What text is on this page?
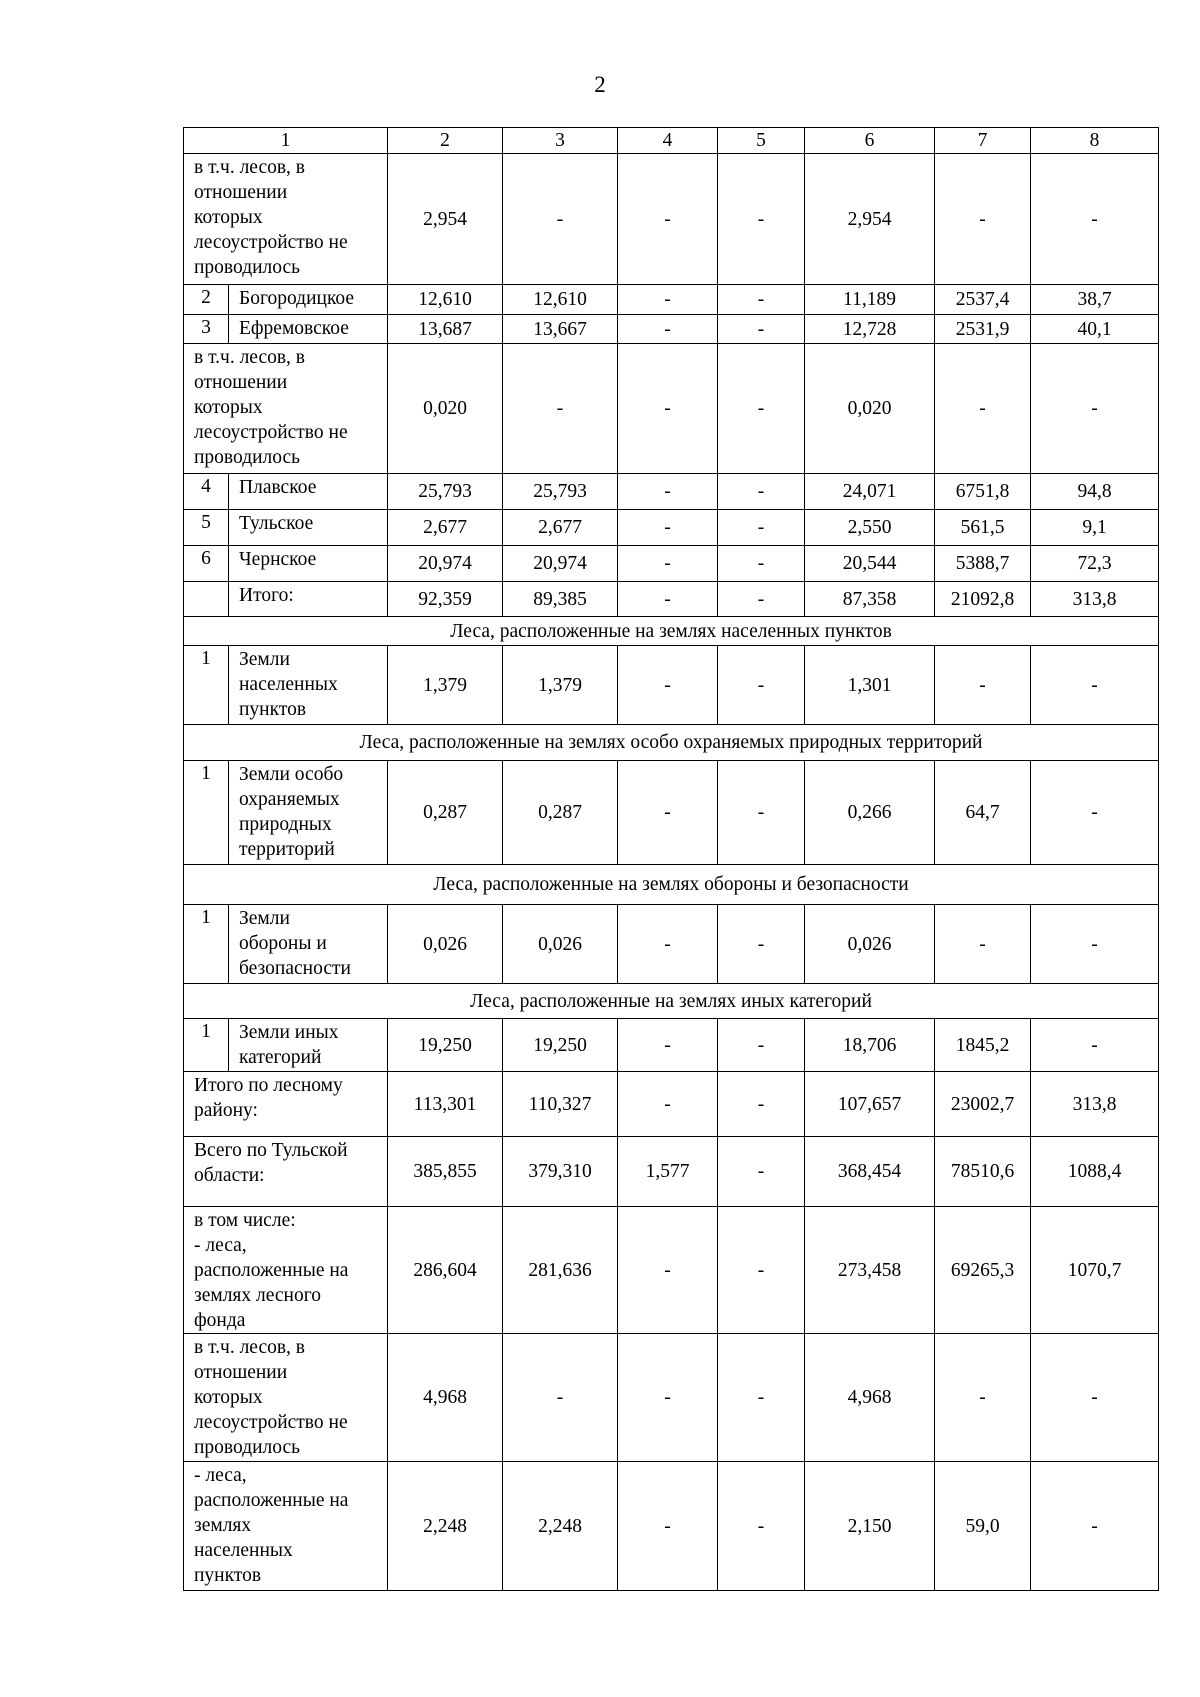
2
1		2	3	4	5	6	7	8
в т.ч. лесов, в
отношении
которых
лесоустройство не
проводилось		2,954	-	-	-	2,954	-	-
2	Богородицкое	12,610	12,610	-	-	11,189	2537,4	38,7
3	Ефремовское	13,687	13,667	-	-	12,728	2531,9	40,1
в т.ч. лесов, в
отношении
которых
лесоустройство не
проводилось		0,020	-	-	-	0,020	-	-
4	Плавское	25,793	25,793	-	-	24,071	6751,8	94,8
5	Тульское	2,677	2,677	-	-	2,550	561,5	9,1
6	Чернское	20,974	20,974	-	-	20,544	5388,7	72,3
	Итого:	92,359	89,385	-	-	87,358	21092,8	313,8
Леса, расположенные на землях населенных пунктов								
1	Земли
населенных
пунктов	1,379	1,379	-	-	1,301	-	-
Леса, расположенные на землях особо охраняемых природных территорий								
1	Земли особо
охраняемых
природных
территорий	0,287	0,287	-	-	0,266	64,7	-
Леса, расположенные на землях обороны и безопасности								
1	Земли
обороны и
безопасности	0,026	0,026	-	-	0,026	-	-
Леса, расположенные на землях иных категорий								
1	Земли иных
категорий	19,250	19,250	-	-	18,706	1845,2	-
Итого по лесному
району:		113,301	110,327	-	-	107,657	23002,7	313,8
Всего по Тульской
области:		385,855	379,310	1,577	-	368,454	78510,6	1088,4
в том числе:
- леса,
расположенные на
землях лесного
фонда		286,604	281,636	-	-	273,458	69265,3	1070,7
в т.ч. лесов, в
отношении
которых
лесоустройство не
проводилось		4,968	-	-	-	4,968	-	-
- леса,
расположенные на
землях
населенных
пунктов		2,248	2,248	-	-	2,150	59,0	-
